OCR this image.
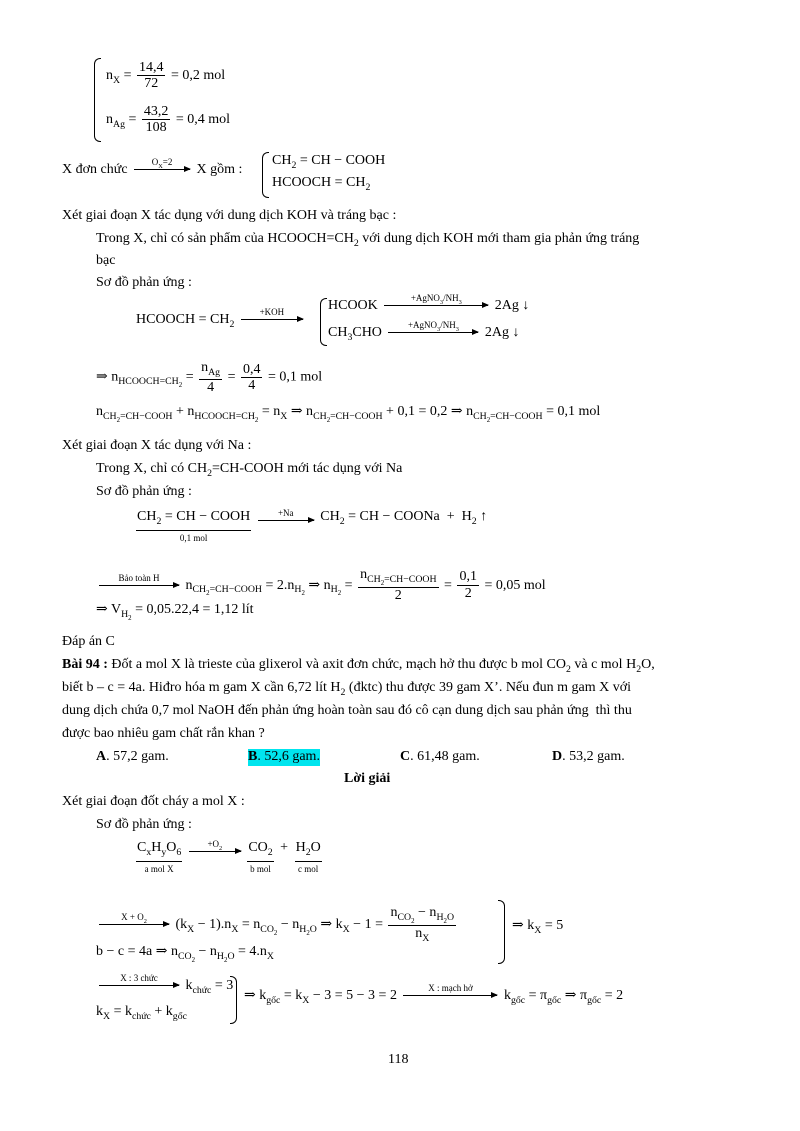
$n_X = \frac{14,4}{72} = 0,2$ mol
$n_{Ag} = \frac{43,2}{108} = 0,4$ mol
X đơn chức	$O_X=2$	X gồm :
$CH_2$ = CH − COOH
HCOOCH = $CH_2$
Xét giai đoạn X tác dụng với dung dịch KOH và tráng bạc :
Trong X, chỉ có sản phẩm của $HCOOCH=CH_2$ với dung dịch KOH mới tham gia phản ứng tráng
bạc
Sơ đồ phản ứng :
HCOOCH = $CH_2$
+KOH	HCOOK	$+AgNO_3/NH_3$	2Ag ↓
$CH_3CHO$	$+AgNO_3/NH_3$	2Ag ↓
⇒ $n_{HCOOCH=CH_2} = \frac{n_{Ag}}{4} = \frac{0,4}{4} = 0,1$ mol
$n_{CH_2=CH-COOH} + n_{HCOOCH=CH_2} = n_X$ ⇒ $n_{CH_2=CH-COOH} + 0,1 = 0,2$ ⇒ $n_{CH_2=CH-COOH} = 0,1$ mol
Xét giai đoạn X tác dụng với Na :
Trong X, chỉ có $CH_2=CH$-COOH mới tác dụng với Na
Sơ đồ phản ứng :
$CH_2$ = CH − COOH
0,1 mol

+Na	$CH_2$ = CH − COONa  +  $H_2$ ↑
Bảo toàn H	$n_{CH_2=CH-COOH} = 2.n_{H_2}$ ⇒ $n_{H_2} = \frac{n_{CH_2=CH-COOH}}{2} = \frac{0,1}{2} = 0,05$ mol
⇒ $V_{H_2} = 0,05.22,4 = 1,12$ lít
Đáp án C
Bài 94 : Đốt a mol X là trieste của glixerol và axit đơn chức, mạch hở thu được b mol $CO_2$ và c mol $H_2O$,
biết b – c = 4a. Hiđro hóa m gam X cần 6,72 lít $H_2$ (đktc) thu được 39 gam X’. Nếu đun m gam X với
dung dịch chứa 0,7 mol NaOH đến phản ứng hoàn toàn sau đó cô cạn dung dịch sau phản ứng  thì thu
được bao nhiêu gam chất rắn khan ?
A. 57,2 gam.	B. 52,6 gam.	C. 61,48 gam.	D. 53,2 gam.
Lời giải
Xét giai đoạn đốt cháy a mol X :
Sơ đồ phản ứng :
$C_xH_yO_6$
a mol X

$+O_2$
	$CO_2$
b mol
+ $H_2O$
c mol
$X + O_2$	$(k_X - 1).n_X = n_{CO_2} - n_{H_2O}$ ⇒ $k_X - 1 = \frac{n_{CO_2} - n_{H_2O}}{n_X}$
b − c = 4a ⇒ $n_{CO_2} - n_{H_2O} = 4.n_X$
⇒ $k_X = 5$
X : 3 chức	$k_{chức} = 3$
$k_X = k_{chức} + k_{gốc}$
⇒ $k_{gốc} = k_X - 3 = 5 - 3 = 2$	X : mạch hở	$k_{gốc} = \pi_{gốc}$ ⇒ $\pi_{gốc} = 2$
118
